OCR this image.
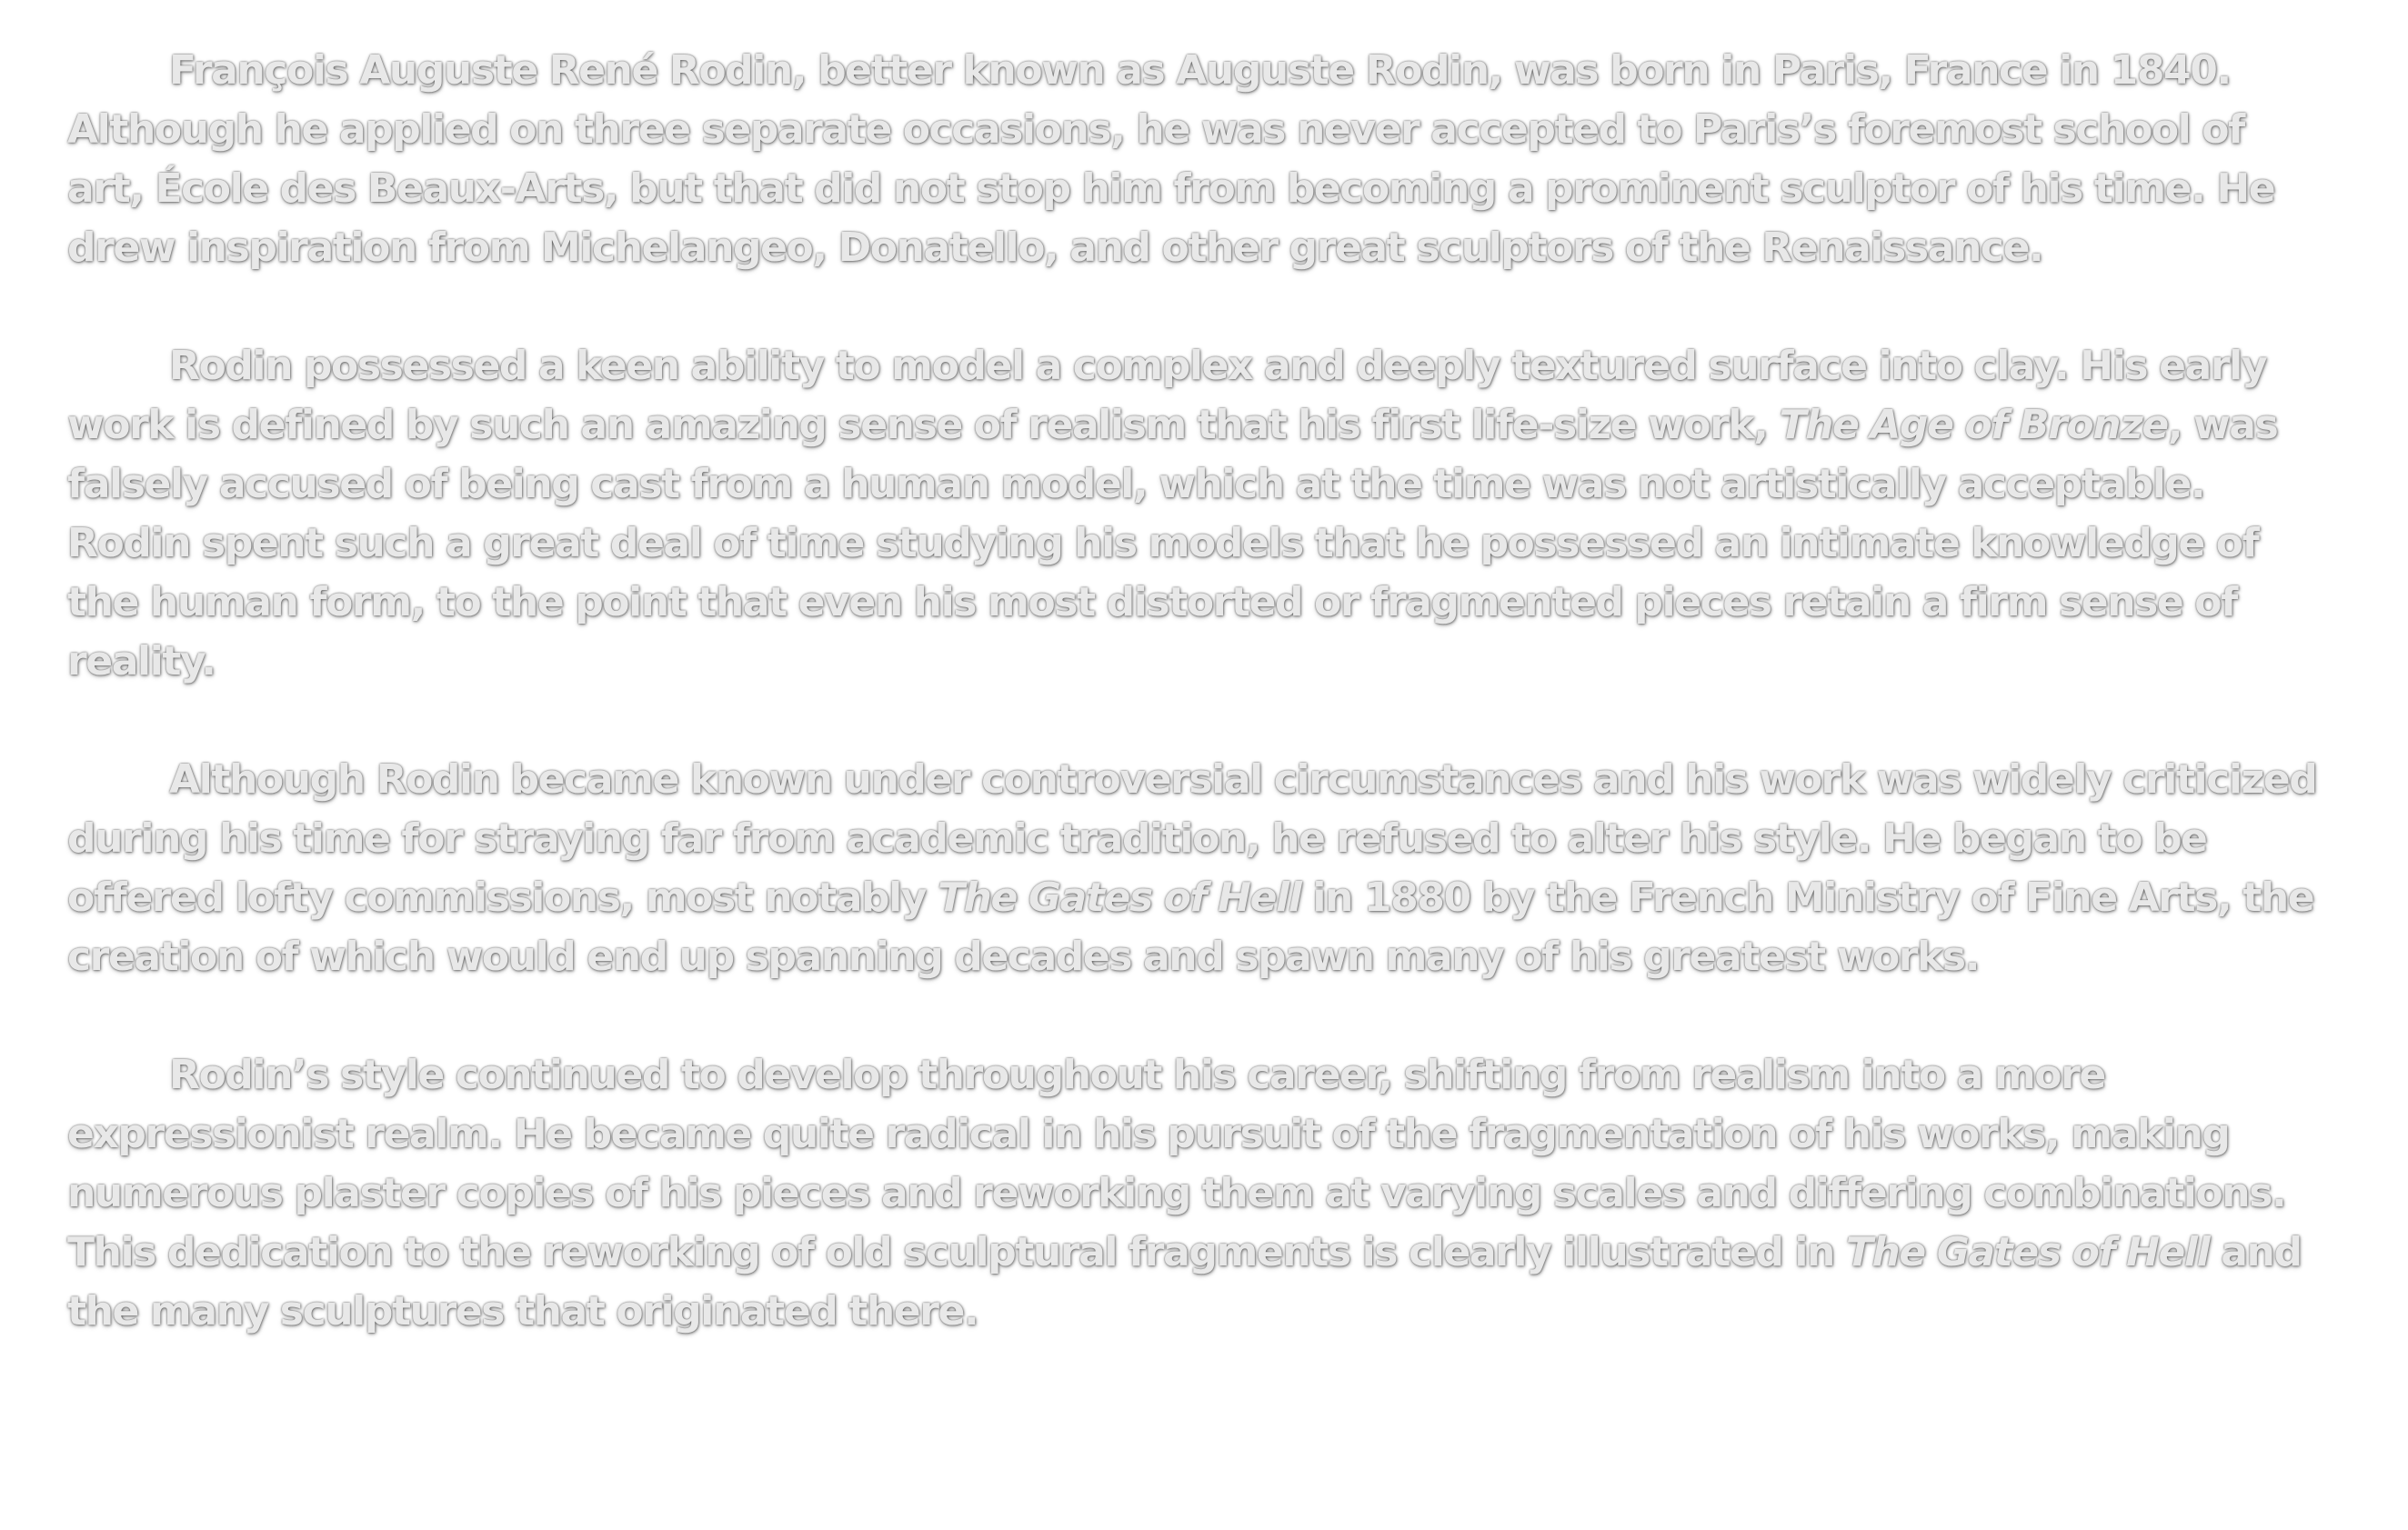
François Auguste René Rodin, better known as Auguste Rodin, was born in Paris, France in 1840. Although he applied on three separate occasions, he was never accepted to Paris’s foremost school of art, École des Beaux-Arts, but that did not stop him from becoming a prominent sculptor of his time. He drew inspiration from Michelangeo, Donatello, and other great sculptors of the Renaissance.

Rodin possessed a keen ability to model a complex and deeply textured surface into clay. His early work is defined by such an amazing sense of realism that his first life-size work, The Age of Bronze, was falsely accused of being cast from a human model, which at the time was not artistically acceptable. Rodin spent such a great deal of time studying his models that he possessed an intimate knowledge of the human form, to the point that even his most distorted or fragmented pieces retain a firm sense of reality.

Although Rodin became known under controversial circumstances and his work was widely criticized during his time for straying far from academic tradition, he refused to alter his style. He began to be offered lofty commissions, most notably The Gates of Hell in 1880 by the French Ministry of Fine Arts, the creation of which would end up spanning decades and spawn many of his greatest works.

Rodin’s style continued to develop throughout his career, shifting from realism into a more expressionist realm. He became quite radical in his pursuit of the fragmentation of his works, making numerous plaster copies of his pieces and reworking them at varying scales and differing combinations. This dedication to the reworking of old sculptural fragments is clearly illustrated in The Gates of Hell and the many sculptures that originated there.
